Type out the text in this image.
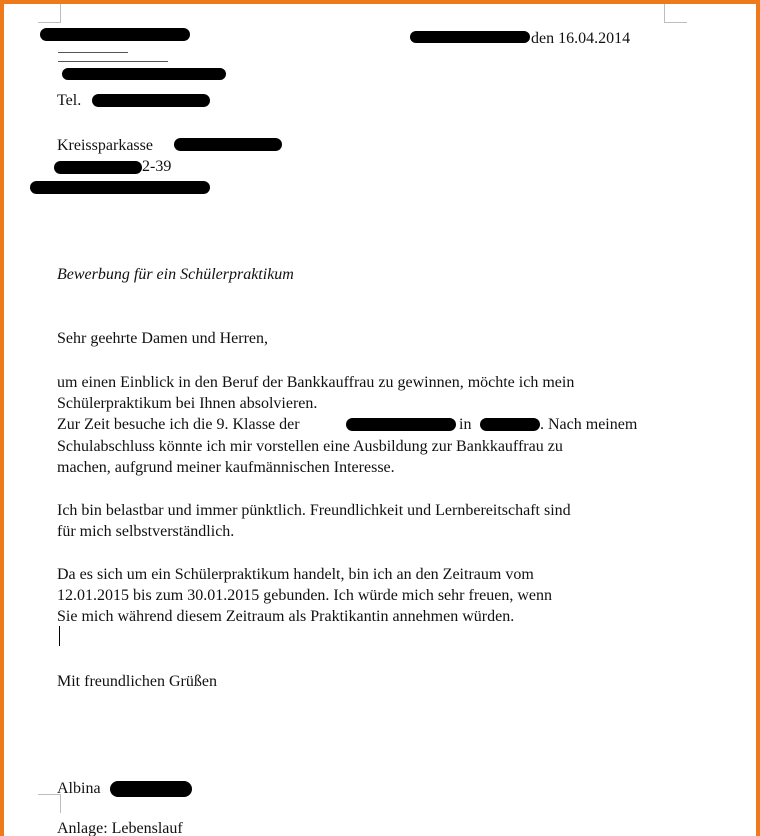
Tel.
den 16.04.2014
Kreissparkasse
2-39
Bewerbung für ein Schülerpraktikum
Sehr geehrte Damen und Herren,
um einen Einblick in den Beruf der Bankkauffrau zu gewinnen, möchte ich mein
Schülerpraktikum bei Ihnen absolvieren.
Zur Zeit besuche ich die 9. Klasse der	in	. Nach meinem
Schulabschluss könnte ich mir vorstellen eine Ausbildung zur Bankkauffrau zu
machen, aufgrund meiner kaufmännischen Interesse.
Ich bin belastbar und immer pünktlich. Freundlichkeit und Lernbereitschaft sind
für mich selbstverständlich.
Da es sich um ein Schülerpraktikum handelt, bin ich an den Zeitraum vom
12.01.2015 bis zum 30.01.2015 gebunden. Ich würde mich sehr freuen, wenn
Sie mich während diesem Zeitraum als Praktikantin annehmen würden.
Mit freundlichen Grüßen
Albina
Anlage: Lebenslauf
